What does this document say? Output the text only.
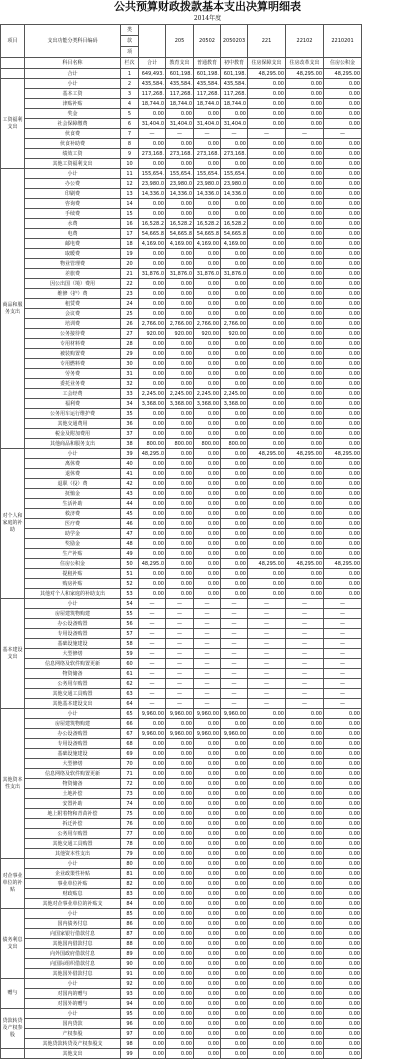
公共预算财政拨款基本支出决算明细表
2014年度
项目	支出功能分类科目编码	类		205	20502	2050203	221	22102	2210201
		款							
		项							
	科目名称	栏次	合计	教育支出	普通教育	初中教育	住房保障支出	住房改革支出	住房公积金
	合计	1	649,493.	601,198.	601,198.	601,198.	48,295.00	48,295.00	48,295.00
工资福利支出	小计	2	435,584.	435,584.	435,584.	435,584.	0.00	0.00	0.00
	基本工资	3	117,268.	117,268.	117,268.	117,268.	0.00	0.00	0.00
	津贴补贴	4	18,744.0	18,744.0	18,744.0	18,744.0	0.00	0.00	0.00
	奖金	5	0.00	0.00	0.00	0.00	0.00	0.00	0.00
	社会保障缴费	6	31,404.0	31,404.0	31,404.0	31,404.0	0.00	0.00	0.00
	伙食费	7	—	—	—	—	—	—	—
	伙食补助费	8	0.00	0.00	0.00	0.00	0.00	0.00	0.00
	绩效工资	9	273,168.	273,168.	273,168.	273,168.	0.00	0.00	0.00
	其他工资福利支出	10	0.00	0.00	0.00	0.00	0.00	0.00	0.00
商品和服务支出	小计	11	155,654.	155,654.	155,654.	155,654.	0.00	0.00	0.00
	办公费	12	23,980.0	23,980.0	23,980.0	23,980.0	0.00	0.00	0.00
	印刷费	13	14,336.0	14,336.0	14,336.0	14,336.0	0.00	0.00	0.00
	咨询费	14	0.00	0.00	0.00	0.00	0.00	0.00	0.00
	手续费	15	0.00	0.00	0.00	0.00	0.00	0.00	0.00
	水费	16	16,528.2	16,528.2	16,528.2	16,528.2	0.00	0.00	0.00
	电费	17	54,665.8	54,665.8	54,665.8	54,665.8	0.00	0.00	0.00
	邮电费	18	4,169.00	4,169.00	4,169.00	4,169.00	0.00	0.00	0.00
	取暖费	19	0.00	0.00	0.00	0.00	0.00	0.00	0.00
	物业管理费	20	0.00	0.00	0.00	0.00	0.00	0.00	0.00
	差旅费	21	31,876.0	31,876.0	31,876.0	31,876.0	0.00	0.00	0.00
	因公出国（境）费用	22	0.00	0.00	0.00	0.00	0.00	0.00	0.00
	维修（护）费	23	0.00	0.00	0.00	0.00	0.00	0.00	0.00
	租赁费	24	0.00	0.00	0.00	0.00	0.00	0.00	0.00
	会议费	25	0.00	0.00	0.00	0.00	0.00	0.00	0.00
	培训费	26	2,766.00	2,766.00	2,766.00	2,766.00	0.00	0.00	0.00
	公务接待费	27	920.00	920.00	920.00	920.00	0.00	0.00	0.00
	专用材料费	28	0.00	0.00	0.00	0.00	0.00	0.00	0.00
	被装购置费	29	0.00	0.00	0.00	0.00	0.00	0.00	0.00
	专用燃料费	30	0.00	0.00	0.00	0.00	0.00	0.00	0.00
	劳务费	31	0.00	0.00	0.00	0.00	0.00	0.00	0.00
	委托业务费	32	0.00	0.00	0.00	0.00	0.00	0.00	0.00
	工会经费	33	2,245.00	2,245.00	2,245.00	2,245.00	0.00	0.00	0.00
	福利费	34	3,368.00	3,368.00	3,368.00	3,368.00	0.00	0.00	0.00
	公务用车运行维护费	35	0.00	0.00	0.00	0.00	0.00	0.00	0.00
	其他交通费用	36	0.00	0.00	0.00	0.00	0.00	0.00	0.00
	税金及附加费用	37	0.00	0.00	0.00	0.00	0.00	0.00	0.00
	其他商品和服务支出	38	800.00	800.00	800.00	800.00	0.00	0.00	0.00
对个人和家庭的补助	小计	39	48,295.0	0.00	0.00	0.00	48,295.00	48,295.00	48,295.00
	离休费	40	0.00	0.00	0.00	0.00	0.00	0.00	0.00
	退休费	41	0.00	0.00	0.00	0.00	0.00	0.00	0.00
	退职（役）费	42	0.00	0.00	0.00	0.00	0.00	0.00	0.00
	抚恤金	43	0.00	0.00	0.00	0.00	0.00	0.00	0.00
	生活补助	44	0.00	0.00	0.00	0.00	0.00	0.00	0.00
	救济费	45	0.00	0.00	0.00	0.00	0.00	0.00	0.00
	医疗费	46	0.00	0.00	0.00	0.00	0.00	0.00	0.00
	助学金	47	0.00	0.00	0.00	0.00	0.00	0.00	0.00
	奖励金	48	0.00	0.00	0.00	0.00	0.00	0.00	0.00
	生产补贴	49	0.00	0.00	0.00	0.00	0.00	0.00	0.00
	住房公积金	50	48,295.0	0.00	0.00	0.00	48,295.00	48,295.00	48,295.00
	提租补贴	51	0.00	0.00	0.00	0.00	0.00	0.00	0.00
	购房补贴	52	0.00	0.00	0.00	0.00	0.00	0.00	0.00
	其他对个人和家庭的补助支出	53	0.00	0.00	0.00	0.00	0.00	0.00	0.00
基本建设支出	小计	54	—	—	—	—	—	—	—
	房屋建筑物购建	55	—	—	—	—	—	—	—
	办公设备购置	56	—	—	—	—	—	—	—
	专用设备购置	57	—	—	—	—	—	—	—
	基础设施建设	58	—	—	—	—	—	—	—
	大型修缮	59	—	—	—	—	—	—	—
	信息网络及软件购置更新	60	—	—	—	—	—	—	—
	物资储备	61	—	—	—	—	—	—	—
	公务用车购置	62	—	—	—	—	—	—	—
	其他交通工具购置	63	—	—	—	—	—	—	—
	其他基本建设支出	64	—	—	—	—	—	—	—
其他资本性支出	小计	65	9,960.00	9,960.00	9,960.00	9,960.00	0.00	0.00	0.00
	房屋建筑物购建	66	0.00	0.00	0.00	0.00	0.00	0.00	0.00
	办公设备购置	67	9,960.00	9,960.00	9,960.00	9,960.00	0.00	0.00	0.00
	专用设备购置	68	0.00	0.00	0.00	0.00	0.00	0.00	0.00
	基础设施建设	69	0.00	0.00	0.00	0.00	0.00	0.00	0.00
	大型修缮	70	0.00	0.00	0.00	0.00	0.00	0.00	0.00
	信息网络及软件购置更新	71	0.00	0.00	0.00	0.00	0.00	0.00	0.00
	物资储备	72	0.00	0.00	0.00	0.00	0.00	0.00	0.00
	土地补偿	73	0.00	0.00	0.00	0.00	0.00	0.00	0.00
	安置补助	74	0.00	0.00	0.00	0.00	0.00	0.00	0.00
	地上附着物和青苗补偿	75	0.00	0.00	0.00	0.00	0.00	0.00	0.00
	拆迁补偿	76	0.00	0.00	0.00	0.00	0.00	0.00	0.00
	公务用车购置	77	0.00	0.00	0.00	0.00	0.00	0.00	0.00
	其他交通工具购置	78	0.00	0.00	0.00	0.00	0.00	0.00	0.00
	其他资本性支出	79	0.00	0.00	0.00	0.00	0.00	0.00	0.00
对企事业单位的补贴	小计	80	0.00	0.00	0.00	0.00	0.00	0.00	0.00
	企业政策性补贴	81	0.00	0.00	0.00	0.00	0.00	0.00	0.00
	事业单位补贴	82	0.00	0.00	0.00	0.00	0.00	0.00	0.00
	财政贴息	83	0.00	0.00	0.00	0.00	0.00	0.00	0.00
	其他对企事业单位的补贴支	84	0.00	0.00	0.00	0.00	0.00	0.00	0.00
债务利息支出	小计	85	0.00	0.00	0.00	0.00	0.00	0.00	0.00
	国内债务付息	86	0.00	0.00	0.00	0.00	0.00	0.00	0.00
	向国家银行借款付息	87	0.00	0.00	0.00	0.00	0.00	0.00	0.00
	其他国内借款付息	88	0.00	0.00	0.00	0.00	0.00	0.00	0.00
	向外国政府借款付息	89	0.00	0.00	0.00	0.00	0.00	0.00	0.00
	向国际组织借款付息	90	0.00	0.00	0.00	0.00	0.00	0.00	0.00
	其他国外借款付息	91	0.00	0.00	0.00	0.00	0.00	0.00	0.00
赠与	小计	92	0.00	0.00	0.00	0.00	0.00	0.00	0.00
	对国内的赠与	93	0.00	0.00	0.00	0.00	0.00	0.00	0.00
	对国外的赠与	94	0.00	0.00	0.00	0.00	0.00	0.00	0.00
贷款转贷及产权参股	小计	95	0.00	0.00	0.00	0.00	0.00	0.00	0.00
	国内贷款	96	0.00	0.00	0.00	0.00	0.00	0.00	0.00
	产权参股	97	0.00	0.00	0.00	0.00	0.00	0.00	0.00
	其他贷款转贷及产权参股支	98	0.00	0.00	0.00	0.00	0.00	0.00	0.00
	其他支出	99	0.00	0.00	0.00	0.00	0.00	0.00	0.00
